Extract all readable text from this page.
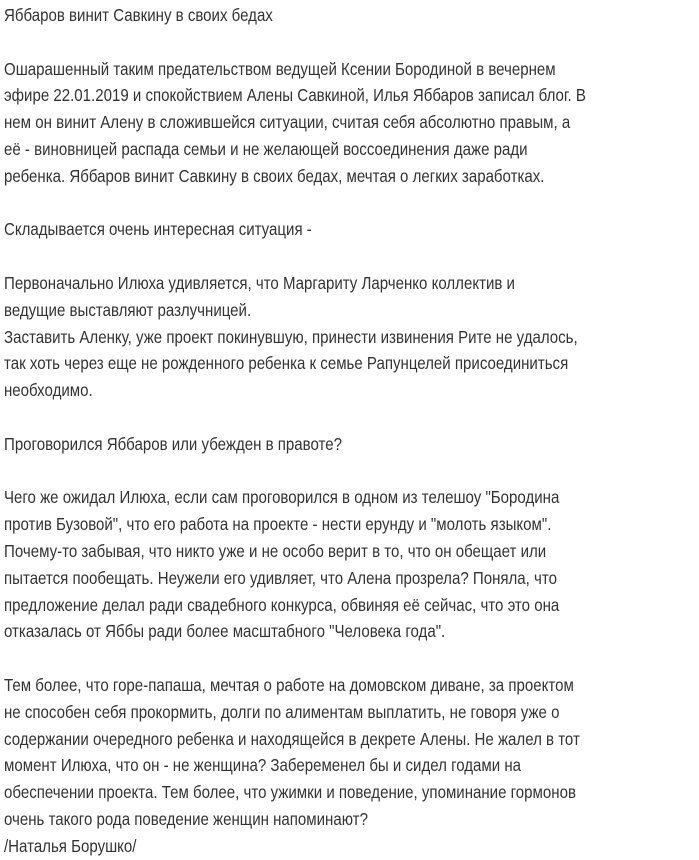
Яббаров винит Савкину в своих бедах
Ошарашенный таким предательством ведущей Ксении Бородиной в вечернем
эфире 22.01.2019 и спокойствием Алены Савкиной, Илья Яббаров записал блог. В
нем он винит Алену в сложившейся ситуации, считая себя абсолютно правым, а
её - виновницей распада семьи и не желающей воссоединения даже ради
ребенка. Яббаров винит Савкину в своих бедах, мечтая о легких заработках.
Складывается очень интересная ситуация -
Первоначально Илюха удивляется, что Маргариту Ларченко коллектив и
ведущие выставляют разлучницей.
Заставить Аленку, уже проект покинувшую, принести извинения Рите не удалось,
так хоть через еще не рожденного ребенка к семье Рапунцелей присоединиться
необходимо.
Проговорился Яббаров или убежден в правоте?
Чего же ожидал Илюха, если сам проговорился в одном из телешоу "Бородина
против Бузовой", что его работа на проекте - нести ерунду и "молоть языком".
Почему-то забывая, что никто уже и не особо верит в то, что он обещает или
пытается пообещать. Неужели его удивляет, что Алена прозрела? Поняла, что
предложение делал ради свадебного конкурса, обвиняя её сейчас, что это она
отказалась от Яббы ради более масштабного "Человека года".
Тем более, что горе-папаша, мечтая о работе на домовском диване, за проектом
не способен себя прокормить, долги по алиментам выплатить, не говоря уже о
содержании очередного ребенка и находящейся в декрете Алены. Не жалел в тот
момент Илюха, что он - не женщина? Забеременел бы и сидел годами на
обеспечении проекта. Тем более, что ужимки и поведение, упоминание гормонов
очень такого рода поведение женщин напоминают?
/Наталья Борушко/
